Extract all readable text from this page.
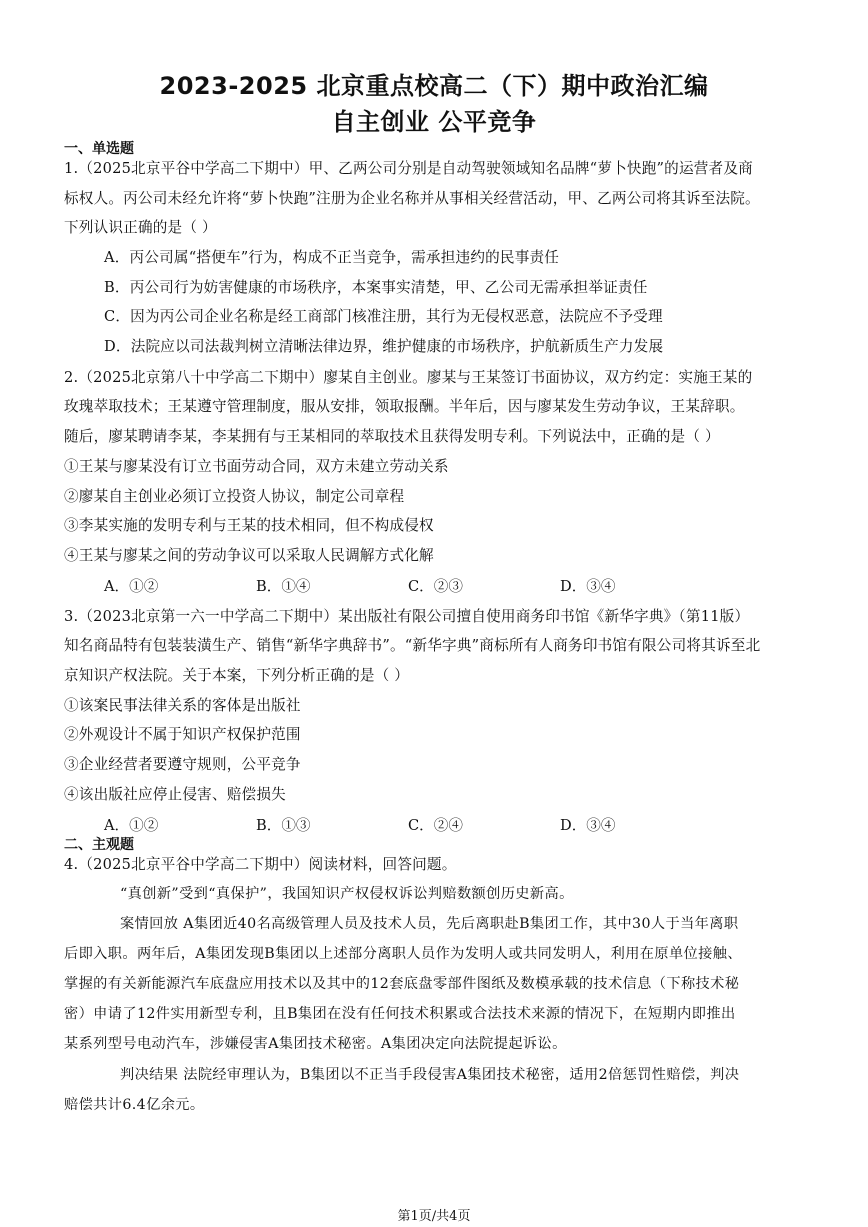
2023-2025 北京重点校高二（下）期中政治汇编
自主创业 公平竞争
一、单选题
1.（2025北京平谷中学高二下期中）甲、乙两公司分别是自动驾驶领域知名品牌“萝卜快跑”的运营者及商
标权人。丙公司未经允许将“萝卜快跑”注册为企业名称并从事相关经营活动，甲、乙两公司将其诉至法院。
下列认识正确的是（ ）
A．丙公司属“搭便车”行为，构成不正当竞争，需承担违约的民事责任
B．丙公司行为妨害健康的市场秩序，本案事实清楚，甲、乙公司无需承担举证责任
C．因为丙公司企业名称是经工商部门核准注册，其行为无侵权恶意，法院应不予受理
D．法院应以司法裁判树立清晰法律边界，维护健康的市场秩序，护航新质生产力发展
2.（2025北京第八十中学高二下期中）廖某自主创业。廖某与王某签订书面协议，双方约定：实施王某的
玫瑰萃取技术；王某遵守管理制度，服从安排，领取报酬。半年后，因与廖某发生劳动争议，王某辞职。
随后，廖某聘请李某，李某拥有与王某相同的萃取技术且获得发明专利。下列说法中，正确的是（ ）
①王某与廖某没有订立书面劳动合同，双方未建立劳动关系
②廖某自主创业必须订立投资人协议，制定公司章程
③李某实施的发明专利与王某的技术相同，但不构成侵权
④王某与廖某之间的劳动争议可以采取人民调解方式化解
A．①②	B．①④	C．②③	D．③④
3.（2023北京第一六一中学高二下期中）某出版社有限公司擅自使用商务印书馆《新华字典》（第11版）
知名商品特有包装装潢生产、销售“新华字典辞书”。“新华字典”商标所有人商务印书馆有限公司将其诉至北
京知识产权法院。关于本案，下列分析正确的是（ ）
①该案民事法律关系的客体是出版社
②外观设计不属于知识产权保护范围
③企业经营者要遵守规则，公平竞争
④该出版社应停止侵害、赔偿损失
A．①②	B．①③	C．②④	D．③④
二、主观题
4.（2025北京平谷中学高二下期中）阅读材料，回答问题。
“真创新”受到“真保护”，我国知识产权侵权诉讼判赔数额创历史新高。
案情回放 A集团近40名高级管理人员及技术人员，先后离职赴B集团工作，其中30人于当年离职
后即入职。两年后，A集团发现B集团以上述部分离职人员作为发明人或共同发明人，利用在原单位接触、
掌握的有关新能源汽车底盘应用技术以及其中的12套底盘零部件图纸及数模承载的技术信息（下称技术秘
密）申请了12件实用新型专利，且B集团在没有任何技术积累或合法技术来源的情况下，在短期内即推出
某系列型号电动汽车，涉嫌侵害A集团技术秘密。A集团决定向法院提起诉讼。
判决结果 法院经审理认为，B集团以不正当手段侵害A集团技术秘密，适用2倍惩罚性赔偿，判决
赔偿共计6.4亿余元。
第1页/共4页
